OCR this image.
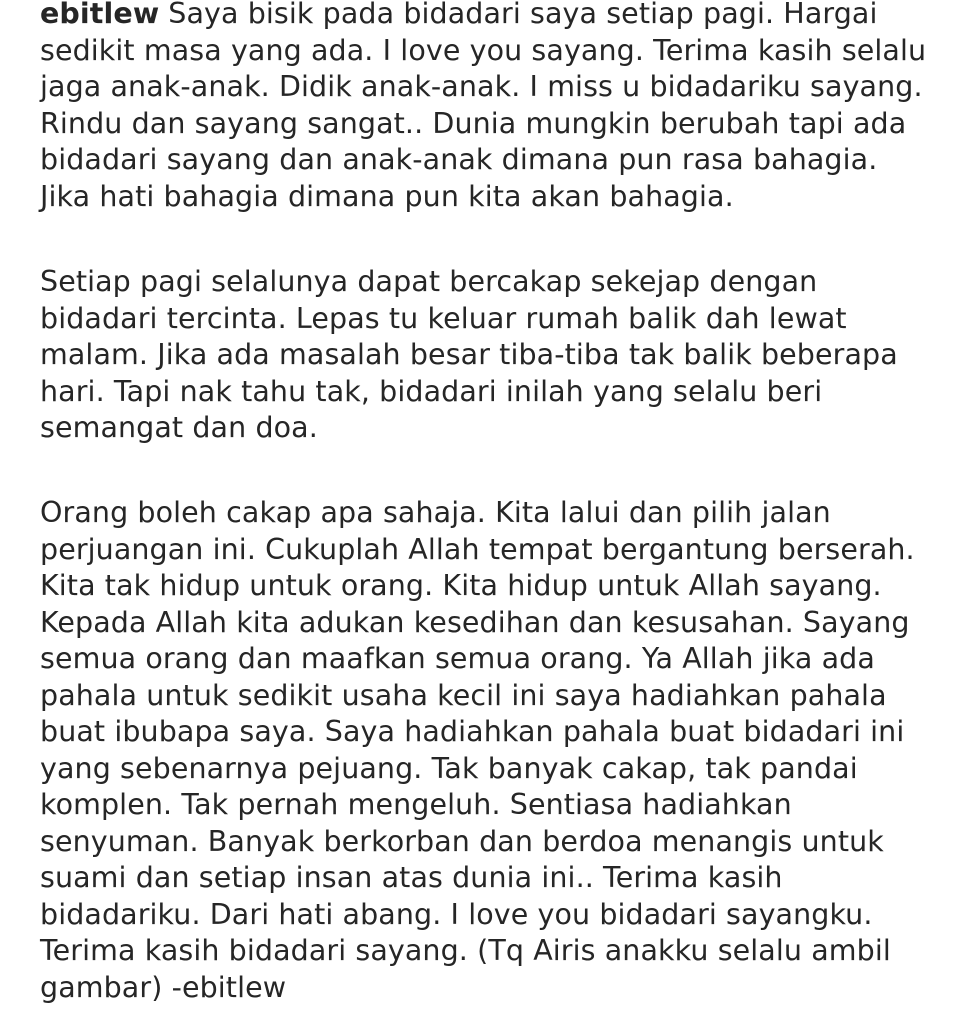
ebitlew Saya bisik pada bidadari saya setiap pagi. Hargai
sedikit masa yang ada. I love you sayang. Terima kasih selalu
jaga anak-anak. Didik anak-anak. I miss u bidadariku sayang.
Rindu dan sayang sangat.. Dunia mungkin berubah tapi ada
bidadari sayang dan anak-anak dimana pun rasa bahagia.
Jika hati bahagia dimana pun kita akan bahagia.
Setiap pagi selalunya dapat bercakap sekejap dengan
bidadari tercinta. Lepas tu keluar rumah balik dah lewat
malam. Jika ada masalah besar tiba-tiba tak balik beberapa
hari. Tapi nak tahu tak, bidadari inilah yang selalu beri
semangat dan doa.
Orang boleh cakap apa sahaja. Kita lalui dan pilih jalan
perjuangan ini. Cukuplah Allah tempat bergantung berserah.
Kita tak hidup untuk orang. Kita hidup untuk Allah sayang.
Kepada Allah kita adukan kesedihan dan kesusahan. Sayang
semua orang dan maafkan semua orang. Ya Allah jika ada
pahala untuk sedikit usaha kecil ini saya hadiahkan pahala
buat ibubapa saya. Saya hadiahkan pahala buat bidadari ini
yang sebenarnya pejuang. Tak banyak cakap, tak pandai
komplen. Tak pernah mengeluh. Sentiasa hadiahkan
senyuman. Banyak berkorban dan berdoa menangis untuk
suami dan setiap insan atas dunia ini.. Terima kasih
bidadariku. Dari hati abang. I love you bidadari sayangku.
Terima kasih bidadari sayang. (Tq Airis anakku selalu ambil
gambar) -ebitlew
